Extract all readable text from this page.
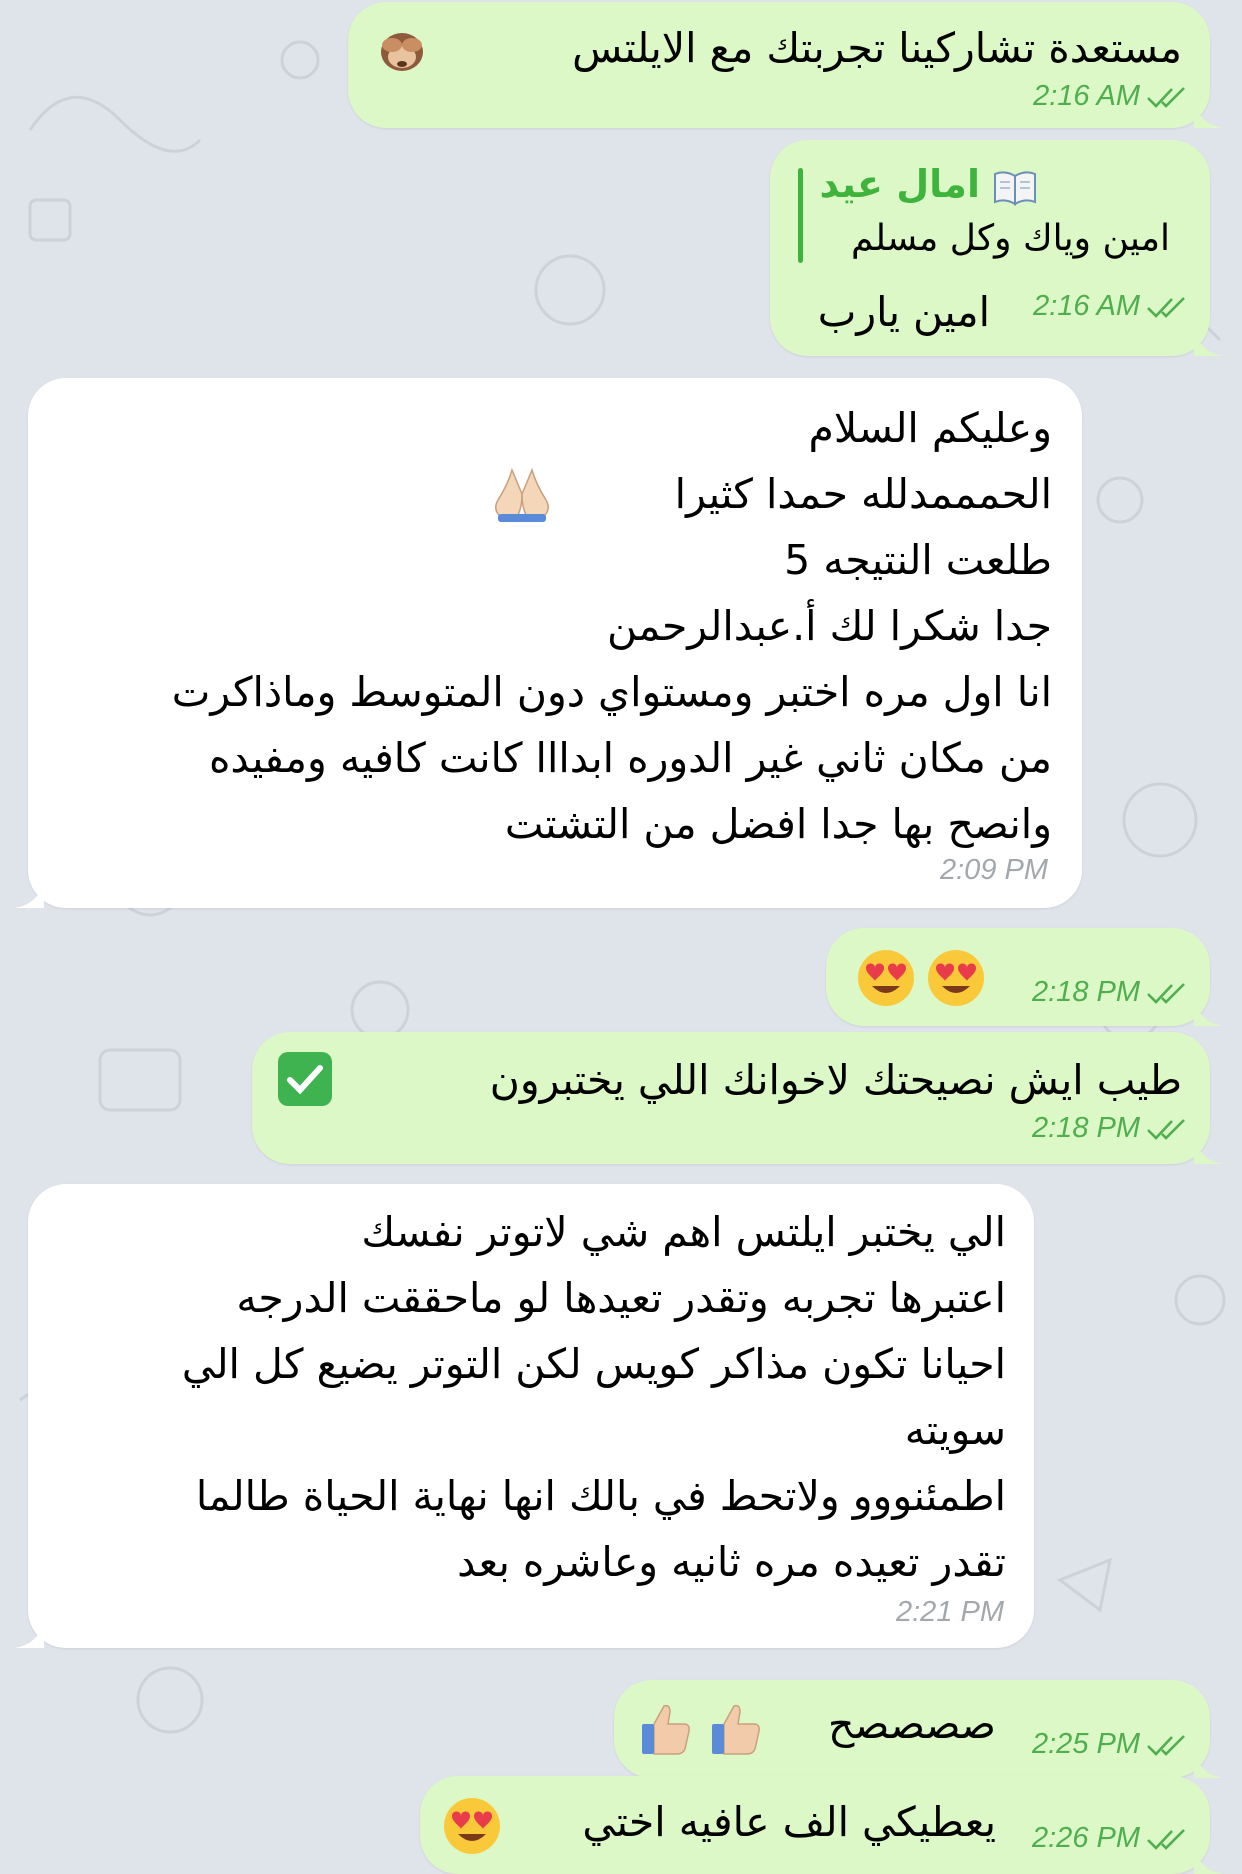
مستعدة تشاركينا تجربتك مع الايلتس
2:16 AM
امال عيد
امين وياك وكل مسلم
امين يارب 2:16 AM
وعليكم السلام
الحمممدلله حمدا كثيرا
طلعت النتيجه 5
جدا شكرا لك أ.عبدالرحمن
انا اول مره اختبر ومستواي دون المتوسط وماذاكرت
من مكان ثاني غير الدوره ابدااا كانت كافيه ومفيده
وانصح بها جدا افضل من التشتت
2:09 PM
2:18 PM
طيب ايش نصيحتك لاخوانك اللي يختبرون
2:18 PM
الي يختبر ايلتس اهم شي لاتوتر نفسك
اعتبرها تجربه وتقدر تعيدها لو ماحققت الدرجه
احيانا تكون مذاكر كويس لكن التوتر يضيع كل الي
سويته
اطمئنووو ولاتحط في بالك انها نهاية الحياة طالما
تقدر تعيده مره ثانيه وعاشره بعد
2:21 PM
صصصصح 2:25 PM
يعطيكي الف عافيه اختي 2:26 PM
